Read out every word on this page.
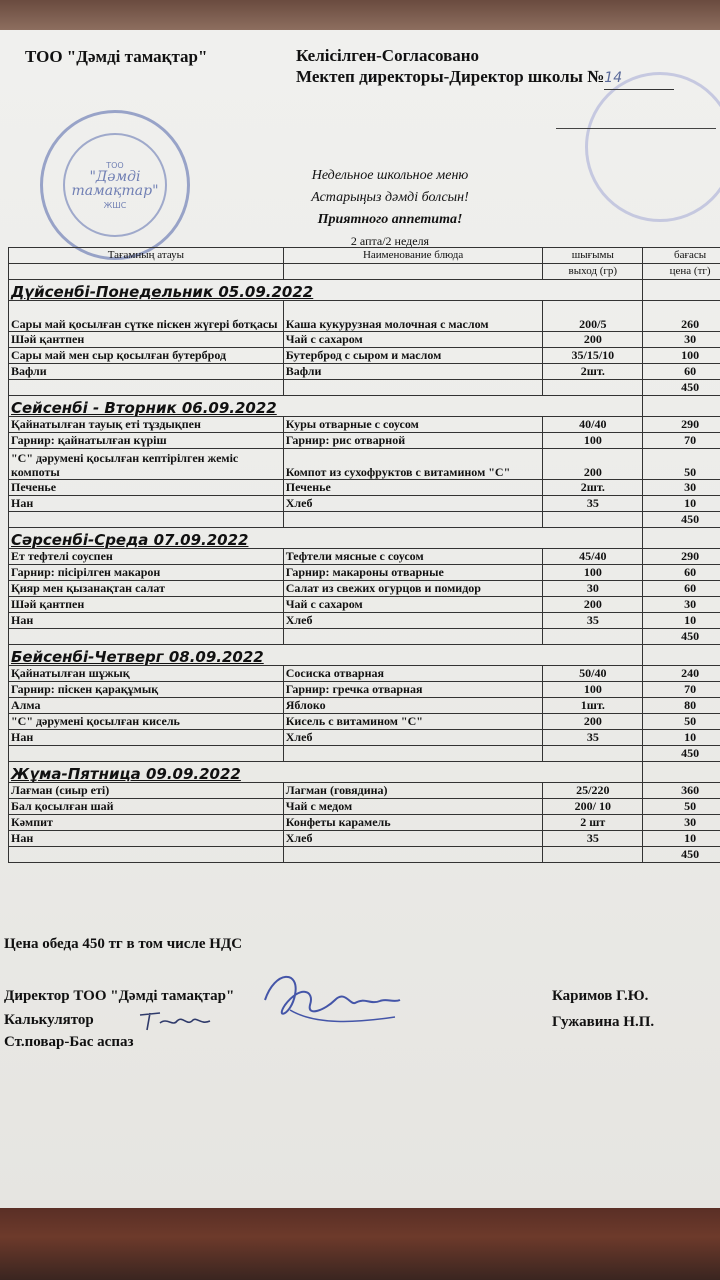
ТОО "Дәмді тамақтар"	Келісілген-Согласовано
Мектеп директоры-Директор школы №14
ТОО
"Дәмді тамақтар"
ЖШС
Недельное школьное меню
Астарыңыз дәмді болсын!
Приятного аппетита!
2 апта/2 неделя
Тағамның атауы	Наименование блюда	шығымы	бағасы
		выход (гр)	цена (тг)
Дүйсенбі-Понедельник 05.09.2022			
Сары май қосылған сүтке піскен жүгері ботқасы	Каша кукурузная молочная с маслом	200/5	260
Шәй қантпен	Чай с сахаром	200	30
Сары май мен сыр қосылған бутерброд	Бутерброд с сыром и маслом	35/15/10	100
Вафли	Вафли	2шт.	60
			450
Сейсенбі - Вторник 06.09.2022			
Қайнатылған тауық еті тұздықпен	Куры отварные с соусом	40/40	290
Гарнир: қайнатылған күріш	Гарнир: рис отварной	100	70
"С" дәрумені қосылған кептірілген жеміс компоты	Компот из сухофруктов с витамином "С"	200	50
Печенье	Печенье	2шт.	30
Нан	Хлеб	35	10
			450
Сәрсенбі-Среда 07.09.2022			
Ет тефтелі соуспен	Тефтели мясные с соусом	45/40	290
Гарнир: пісірілген макарон	Гарнир: макароны отварные	100	60
Қияр мен қызанақтан салат	Салат из свежих огурцов и помидор	30	60
Шәй қантпен	Чай с сахаром	200	30
Нан	Хлеб	35	10
			450
Бейсенбі-Четверг 08.09.2022			
Қайнатылған шұжық	Сосиска отварная	50/40	240
Гарнир: піскен қарақұмық	Гарнир: гречка отварная	100	70
Алма	Яблоко	1шт.	80
"С" дәрумені қосылған кисель	Кисель с витамином "С"	200	50
Нан	Хлеб	35	10
			450
Жұма-Пятница 09.09.2022			
Лағман (сиыр еті)	Лагман (говядина)	25/220	360
Бал қосылған шай	Чай с медом	200/ 10	50
Кәмпит	Конфеты карамель	2 шт	30
Нан	Хлеб	35	10
			450
Цена обеда 450 тг в том числе НДС
Директор ТОО "Дәмді тамақтар"	Каримов Г.Ю.
Калькулятор	Гужавина Н.П.
Ст.повар-Бас аспаз
